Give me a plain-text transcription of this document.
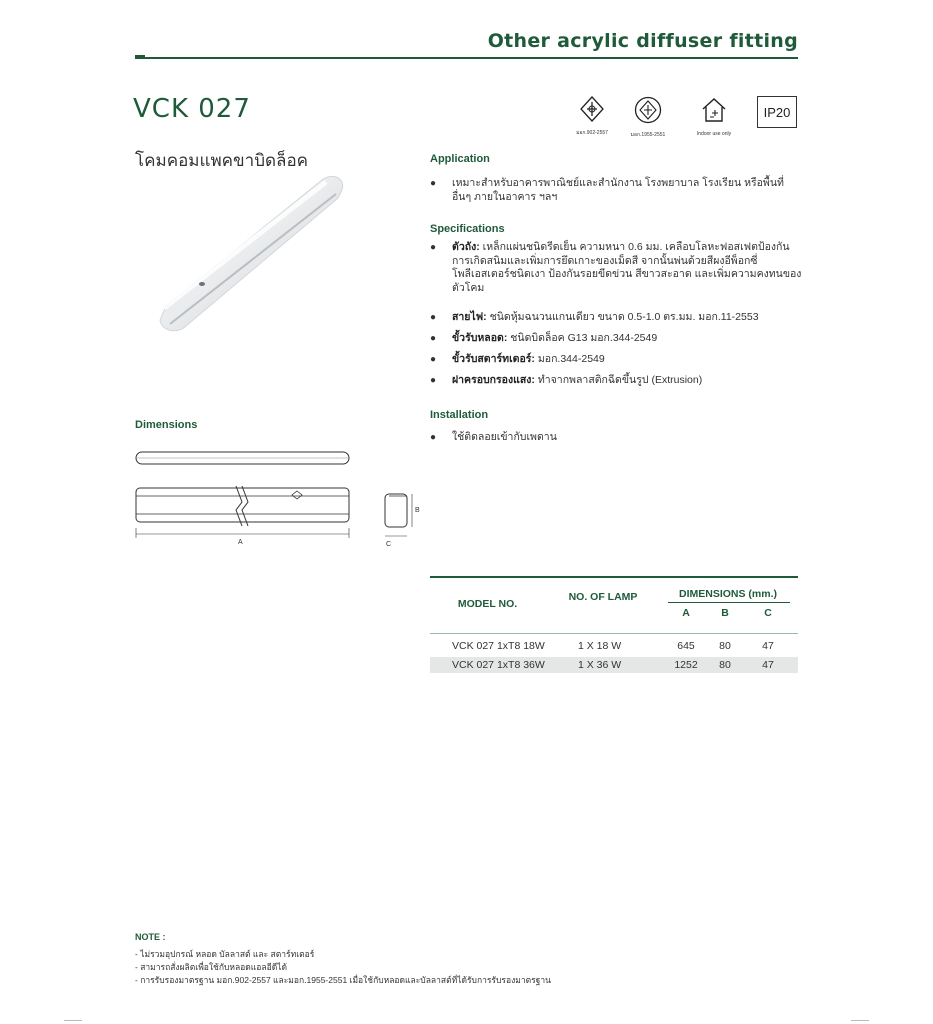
Other acrylic diffuser fitting
VCK 027
โคมคอมแพคขาบิดล็อค
มอก.902-2557	มอก.1955-2551	Indoor use only
IP20
Dimensions
A
B
C
Application
● เหมาะสำหรับอาคารพาณิชย์และสำนักงาน โรงพยาบาล โรงเรียน หรือพื้นที่อื่นๆ ภายในอาคาร ฯลฯ
Specifications
● ตัวถัง: เหล็กแผ่นชนิดรีดเย็น ความหนา 0.6 มม. เคลือบโลหะฟอสเฟตป้องกันการเกิดสนิมและเพิ่มการยึดเกาะของเม็ดสี จากนั้นพ่นด้วยสีผงอีพ็อกซี่โพลีเอสเตอร์ชนิดเงา ป้องกันรอยขีดข่วน สีขาวสะอาด และเพิ่มความคงทนของตัวโคม
● สายไฟ: ชนิดหุ้มฉนวนแกนเดียว ขนาด 0.5-1.0 ตร.มม. มอก.11-2553
● ขั้วรับหลอด: ชนิดบิดล็อค G13 มอก.344-2549
● ขั้วรับสตาร์ทเตอร์: มอก.344-2549
● ฝาครอบกรองแสง: ทำจากพลาสติกฉีดขึ้นรูป (Extrusion)
Installation
● ใช้ติดลอยเข้ากับเพดาน
MODEL NO.
NO. OF LAMP	DIMENSIONS (mm.)
A	B	C
VCK 027 1xT8 18W	1 X 18 W	645	80	47
VCK 027 1xT8 36W	1 X 36 W	1252	80	47
NOTE :
- ไม่รวมอุปกรณ์ หลอด บัลลาสต์ และ สตาร์ทเตอร์
- สามารถสั่งผลิตเพื่อใช้กับหลอดแอลอีดีได้
- การรับรองมาตรฐาน มอก.902-2557 และมอก.1955-2551 เมื่อใช้กับหลอดและบัลลาสต์ที่ได้รับการรับรองมาตรฐาน
